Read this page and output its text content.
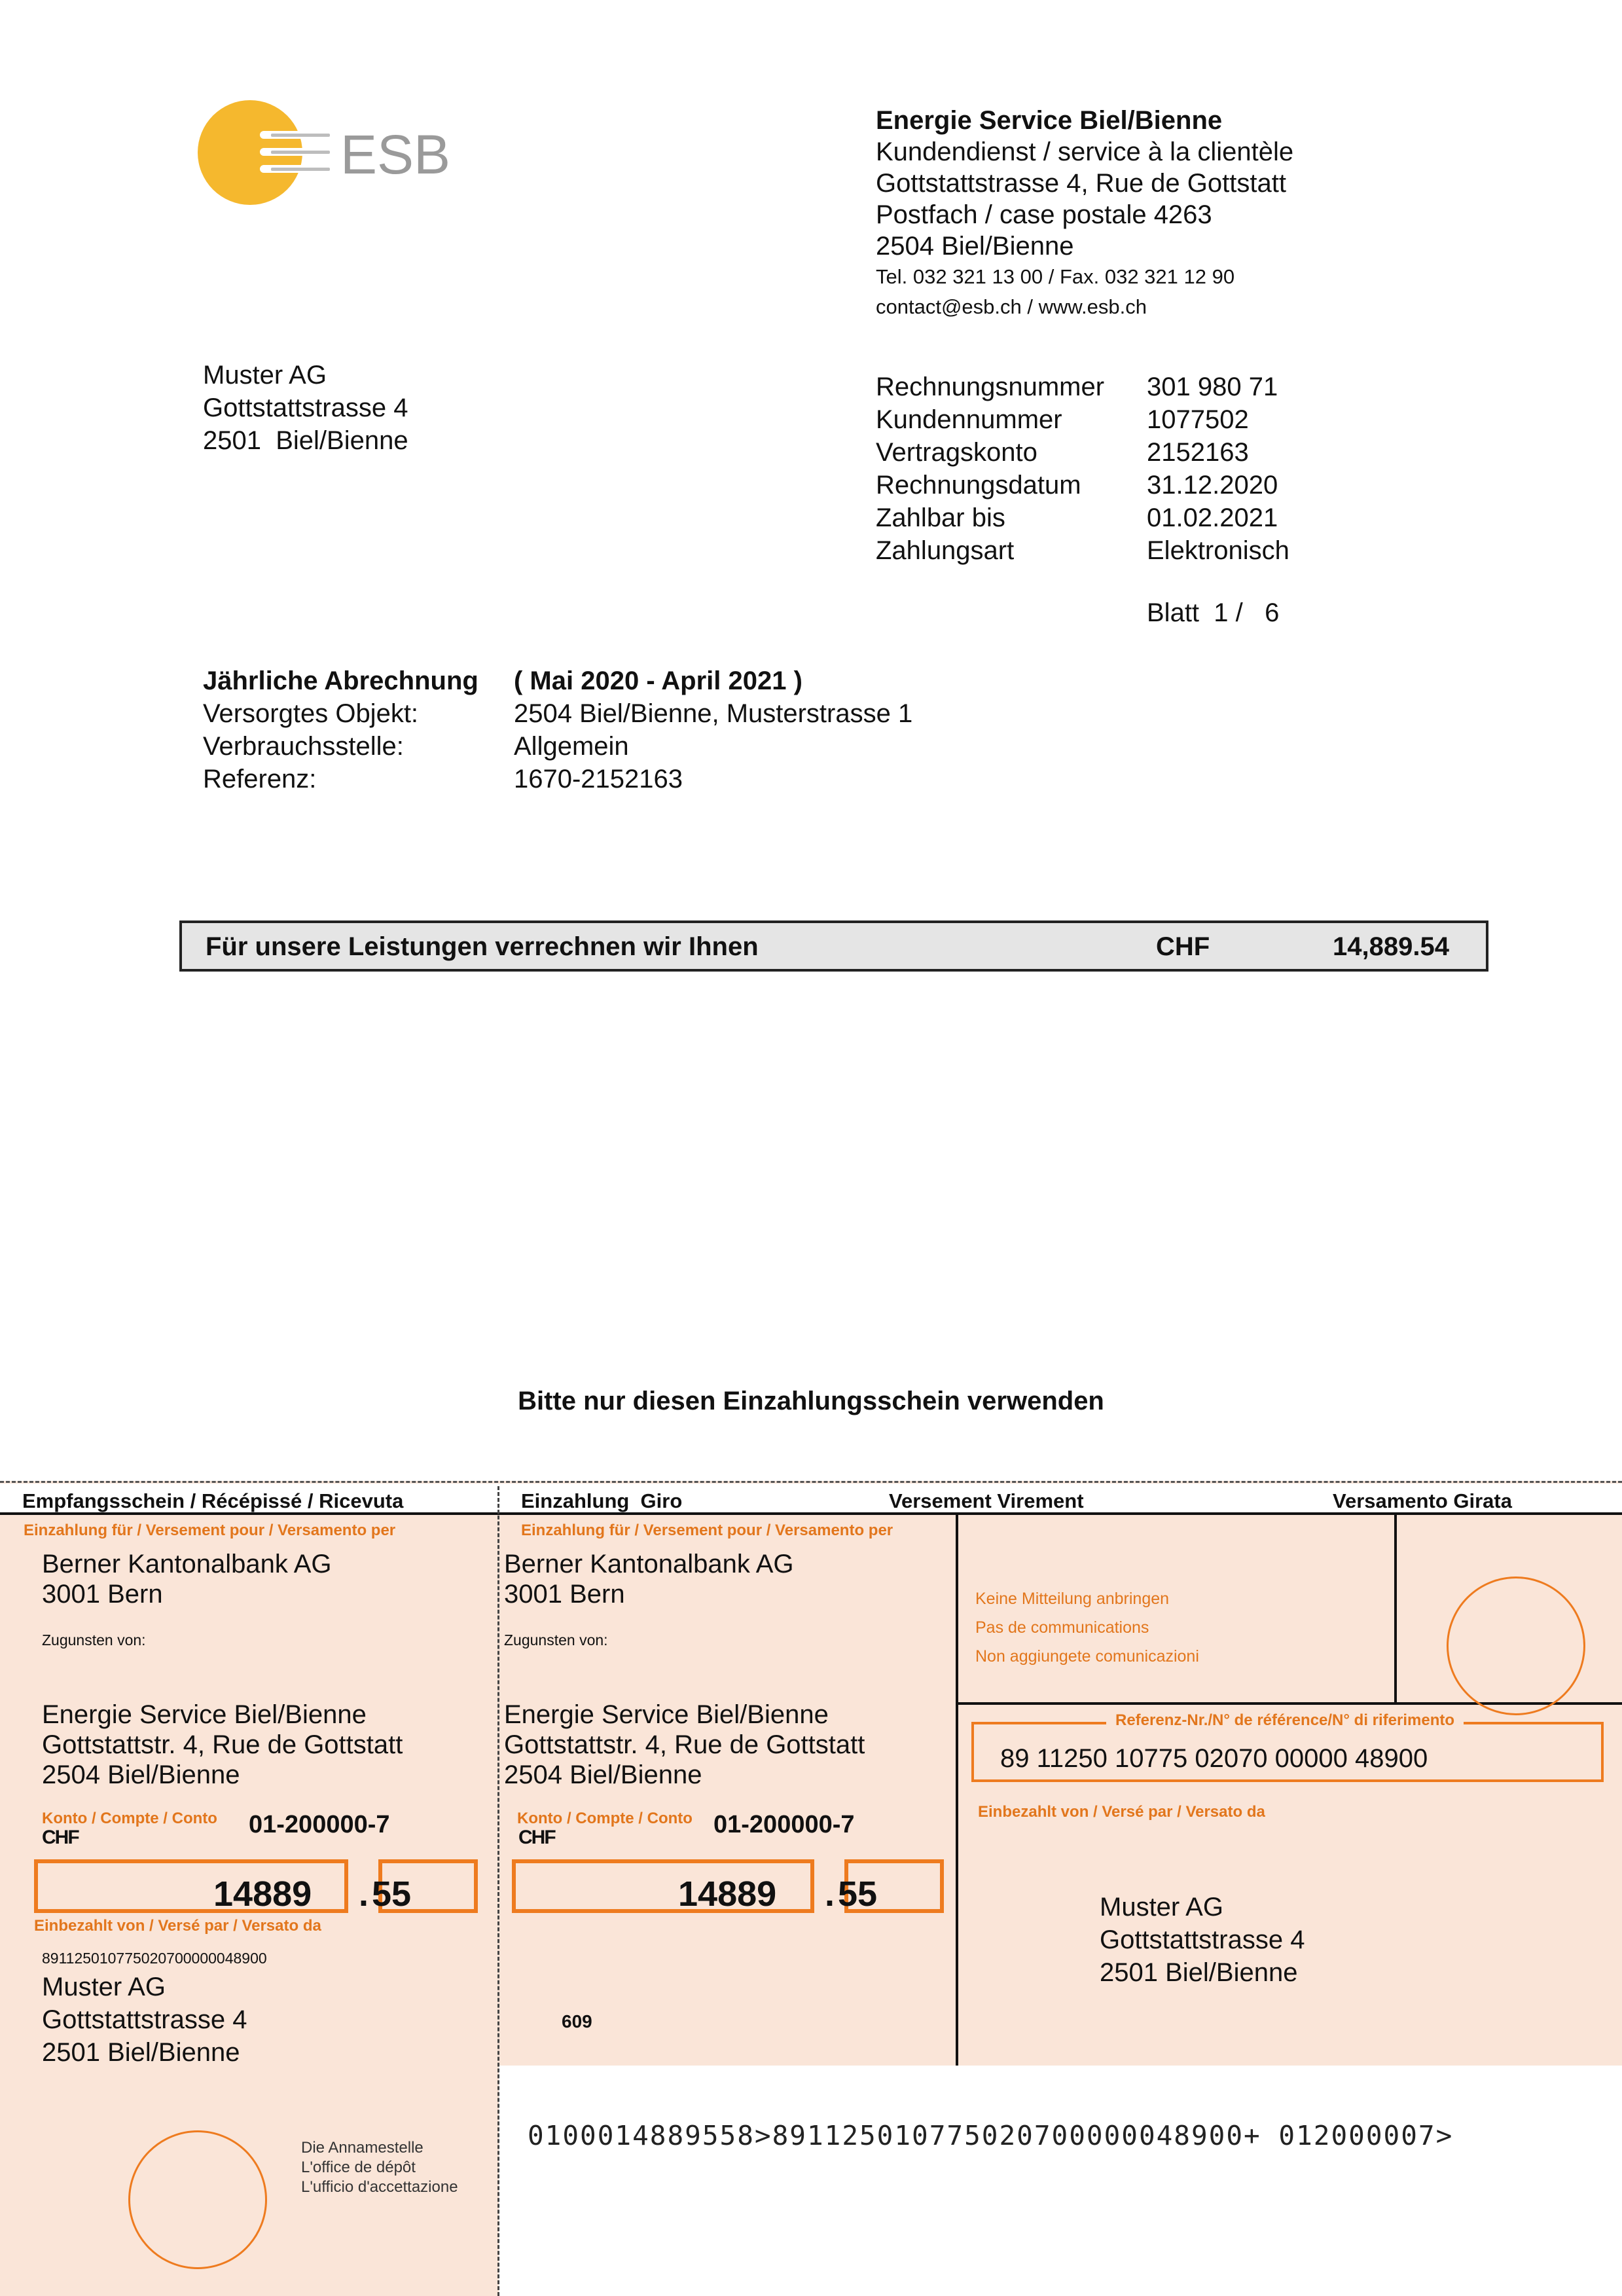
ESB
Energie Service Biel/Bienne
Kundendienst / service à la clientèle
Gottstattstrasse 4, Rue de Gottstatt
Postfach / case postale 4263
2504 Biel/Bienne
Tel. 032 321 13 00 / Fax. 032 321 12 90
contact@esb.ch / www.esb.ch
Muster AG
Gottstattstrasse 4
2501  Biel/Bienne
Rechnungsnummer	301 980 71
Kundennummer	1077502
Vertragskonto	2152163
Rechnungsdatum	31.12.2020
Zahlbar bis	01.02.2021
Zahlungsart	Elektronisch
Blatt  1 /   6
Jährliche Abrechnung	( Mai 2020 - April 2021 )
Versorgtes Objekt:	2504 Biel/Bienne, Musterstrasse 1
Verbrauchsstelle:	Allgemein
Referenz:	1670-2152163
Für unsere Leistungen verrechnen wir Ihnen	CHF	14,889.54
Bitte nur diesen Einzahlungsschein verwenden
Empfangsschein / Récépissé / Ricevuta	Einzahlung  Giro	Versement Virement	Versamento Girata
Einzahlung für / Versement pour / Versamento per
Berner Kantonalbank AG
3001 Bern
Zugunsten von:
Energie Service Biel/Bienne
Gottstattstr. 4, Rue de Gottstatt
2504 Biel/Bienne
Konto / Compte / Conto 01-200000-7
CHF
14889 . 55
Einbezahlt von / Versé par / Versato da
891125010775020700000048900
Muster AG
Gottstattstrasse 4
2501 Biel/Bienne
Die Annamestelle
L'office de dépôt
L'ufficio d'accettazione
Einzahlung für / Versement pour / Versamento per
Berner Kantonalbank AG
3001 Bern
Zugunsten von:
Energie Service Biel/Bienne
Gottstattstr. 4, Rue de Gottstatt
2504 Biel/Bienne
Konto / Compte / Conto 01-200000-7
CHF
14889 . 55
609
Keine Mitteilung anbringen
Pas de communications
Non aggiungete comunicazioni
Referenz-Nr./N° de référence/N° di riferimento
89 11250 10775 02070 00000 48900
Einbezahlt von / Versé par / Versato da
Muster AG
Gottstattstrasse 4
2501 Biel/Bienne
0100014889558>891125010775020700000048900+ 012000007>
